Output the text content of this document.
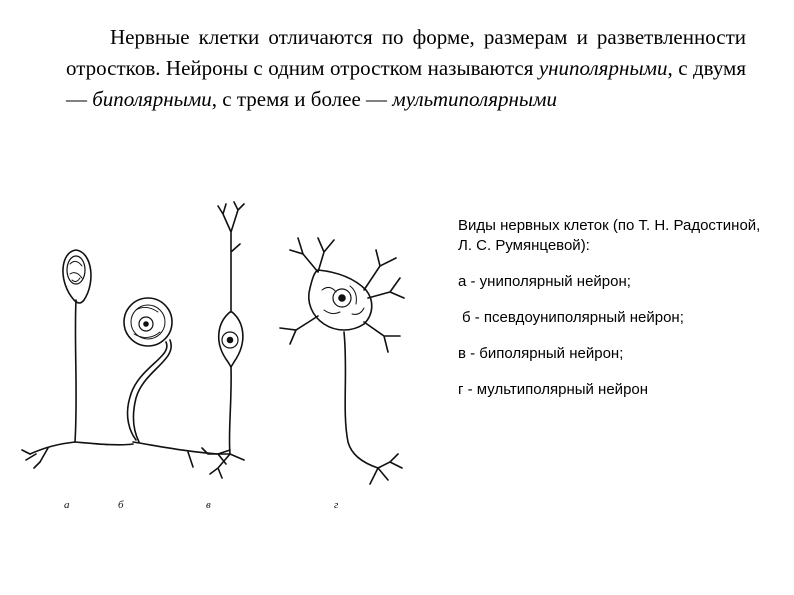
Нервные клетки отличаются по форме, размерам и разветвленности отростков. Нейроны с одним отростком называются униполярными, с двумя — биполярными, с тремя и более — мультиполярными

а	б	в	г

Виды нервных клеток (по Т. Н. Радостиной, Л. С. Румянцевой):

а - униполярный нейрон;

б - псевдоуниполярный нейрон;

в - биполярный нейрон;

г - мультиполярный нейрон
